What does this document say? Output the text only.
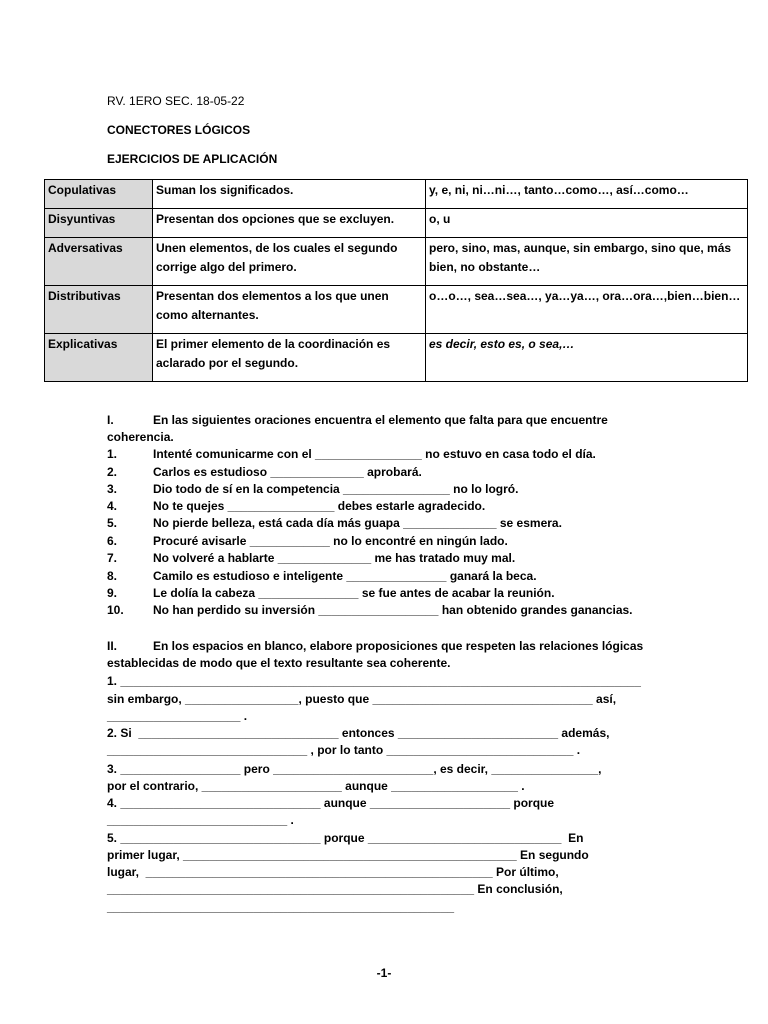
RV. 1ERO SEC. 18-05-22
CONECTORES LÓGICOS
EJERCICIOS DE APLICACIÓN
Copulativas	Suman los significados.	y, e, ni, ni…ni…, tanto…como…, así…como…
Disyuntivas	Presentan dos opciones que se excluyen.	o, u
Adversativas	Unen elementos, de los cuales el segundo corrige algo del primero.	pero, sino, mas, aunque, sin embargo, sino que, más bien, no obstante…
Distributivas	Presentan dos elementos a los que unen como alternantes.	o…o…, sea…sea…, ya…ya…, ora…ora…,bien…bien…
Explicativas	El primer elemento de la coordinación es aclarado por el segundo.	es decir, esto es, o sea,…
I.	En las siguientes oraciones encuentra el elemento que falta para que encuentre coherencia.
1.	Intenté comunicarme con el ________________ no estuvo en casa todo el día.
2.	Carlos es estudioso ______________ aprobará.
3.	Dio todo de sí en la competencia ________________ no lo logró.
4.	No te quejes ________________ debes estarle agradecido.
5.	No pierde belleza, está cada día más guapa ______________ se esmera.
6.	Procuré avisarle ____________ no lo encontré en ningún lado.
7.	No volveré a hablarte ______________ me has tratado muy mal.
8.	Camilo es estudioso e inteligente _______________ ganará la beca.
9.	Le dolía la cabeza _______________ se fue antes de acabar la reunión.
10. No han perdido su inversión __________________ han obtenido grandes ganancias.
II.	En los espacios en blanco, elabore proposiciones que respeten las relaciones lógicas establecidas de modo que el texto resultante sea coherente.
1. ______________________________________________________________________________
sin embargo, _________________, puesto que _________________________________ así,
____________________ .
2. Si  ______________________________ entonces ________________________ además,
______________________________ , por lo tanto ____________________________ .
3. __________________ pero ________________________, es decir, ________________,
por el contrario, _____________________ aunque ___________________ .
4. ______________________________ aunque _____________________ porque
___________________________ .
5. ______________________________ porque _____________________________  En
primer lugar, __________________________________________________ En segundo
lugar,  ____________________________________________________ Por último,
_______________________________________________________ En conclusión,
____________________________________________________
-1-
